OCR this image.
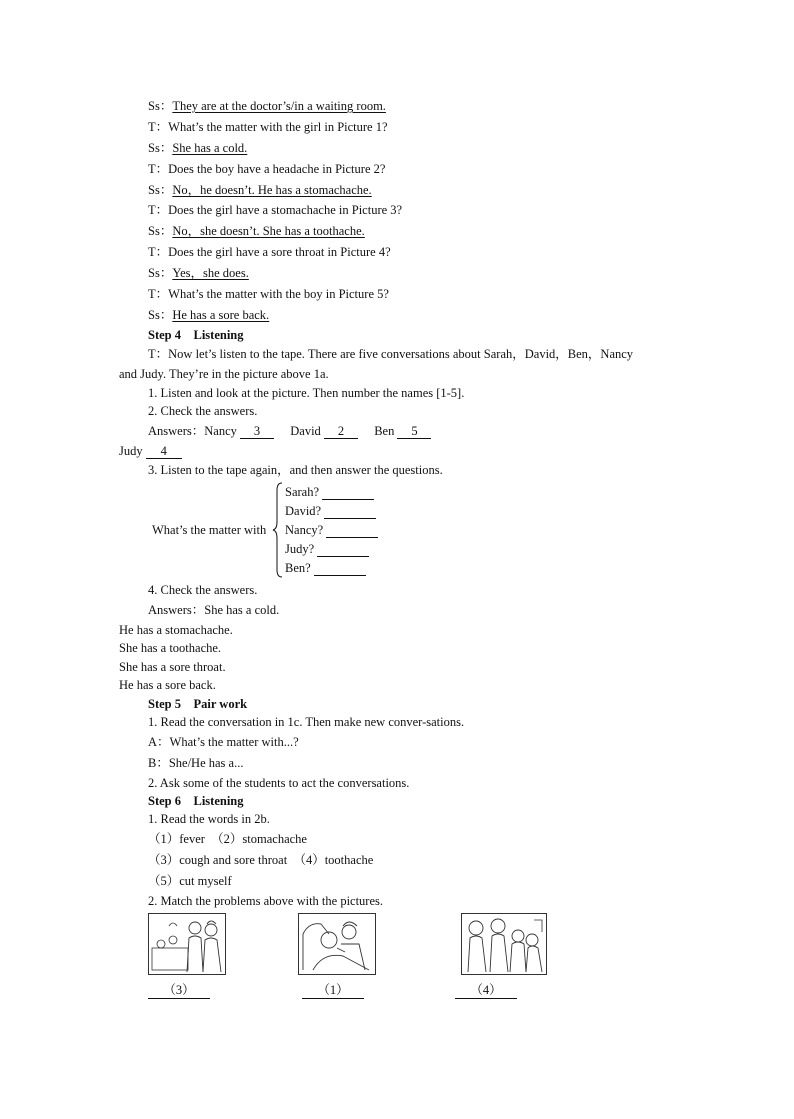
Ss：They are at the doctor’s/in a waiting room.
T：What’s the matter with the girl in Picture 1?
Ss：She has a cold.
T：Does the boy have a headache in Picture 2?
Ss：No，he doesn’t. He has a stomachache.
T：Does the girl have a stomachache in Picture 3?
Ss：No，she doesn’t. She has a toothache.
T：Does the girl have a sore throat in Picture 4?
Ss：Yes，she does.
T：What’s the matter with the boy in Picture 5?
Ss：He has a sore back.
Step 4　Listening
T：Now let’s listen to the tape. There are five conversations about Sarah，David，Ben，Nancy
and Judy. They’re in the picture above 1a.
1. Listen and look at the picture. Then number the names [1-5].
2. Check the answers.
Answers：Nancy 3 David 2 Ben 5
Judy 4
3. Listen to the tape again，and then answer the questions.
What’s the matter with
Sarah?
David?
Nancy?
Judy?
Ben?
4. Check the answers.
Answers：She has a cold.
He has a stomachache.
She has a toothache.
She has a sore throat.
He has a sore back.
Step 5　Pair work
1. Read the conversation in 1c. Then make new conver-sations.
A：What’s the matter with...?
B：She/He has a...
2. Ask some of the students to act the conversations.
Step 6　Listening
1. Read the words in 2b.
（1）fever　（2）stomachache
（3）cough and sore throat　（4）toothache
（5）cut myself
2. Match the problems above with the pictures.
（3）	（1）	（4）
